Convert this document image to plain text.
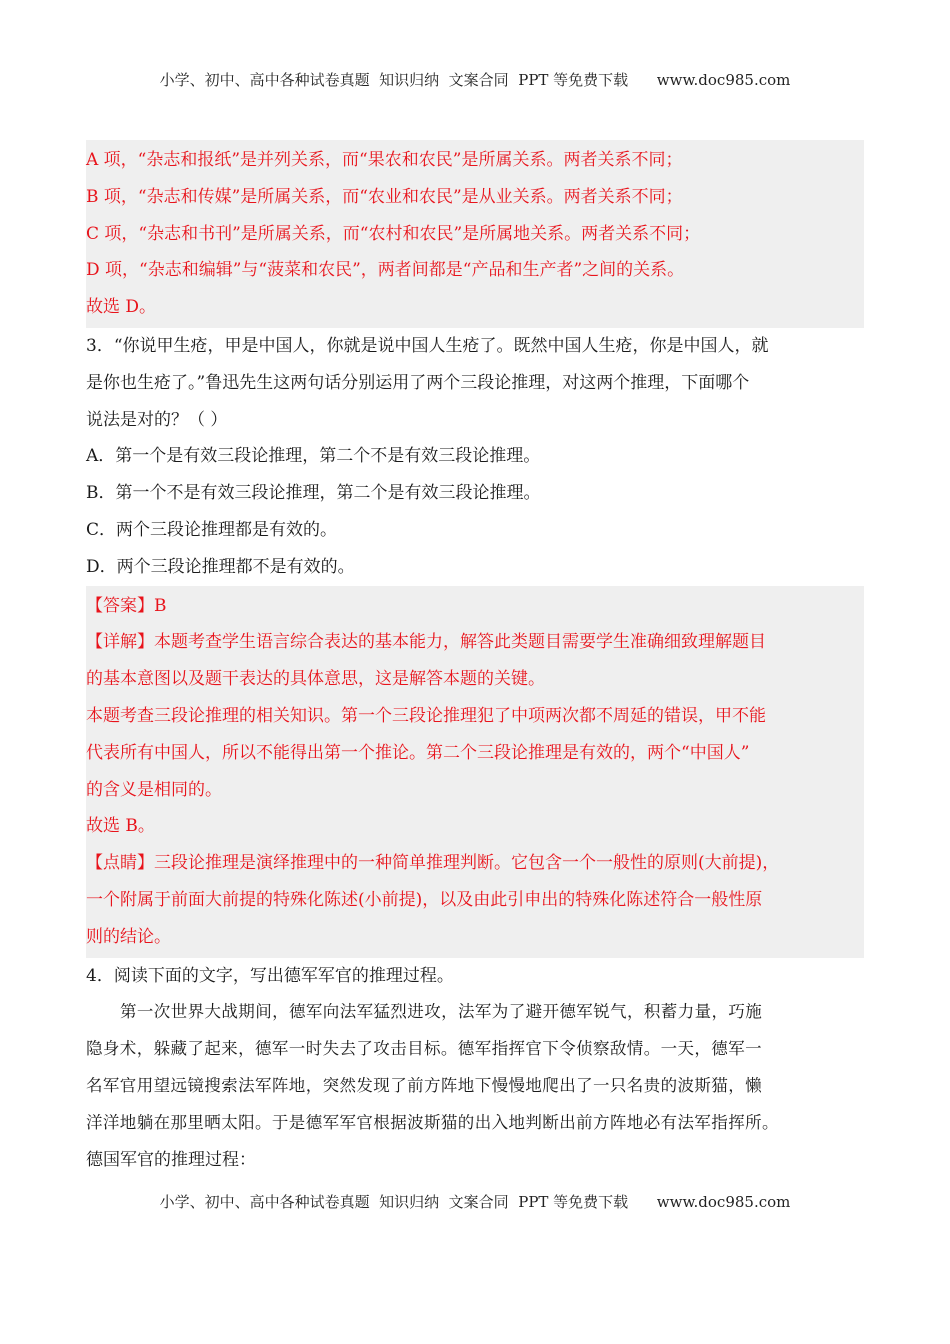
小学、初中、高中各种试卷真题  知识归纳  文案合同  PPT 等免费下载      www.doc985.com
A 项，“杂志和报纸”是并列关系，而“果农和农民”是所属关系。两者关系不同；
B 项，“杂志和传媒”是所属关系，而“农业和农民”是从业关系。两者关系不同；
C 项，“杂志和书刊”是所属关系，而“农村和农民”是所属地关系。两者关系不同；
D 项，“杂志和编辑”与“菠菜和农民”，两者间都是“产品和生产者”之间的关系。
故选 D。
3．“你说甲生疮，甲是中国人，你就是说中国人生疮了。既然中国人生疮，你是中国人，就
是你也生疮了。”鲁迅先生这两句话分别运用了两个三段论推理，对这两个推理，下面哪个
说法是对的？（ ）
A．第一个是有效三段论推理，第二个不是有效三段论推理。
B．第一个不是有效三段论推理，第二个是有效三段论推理。
C．两个三段论推理都是有效的。
D．两个三段论推理都不是有效的。
【答案】B
【详解】本题考查学生语言综合表达的基本能力，解答此类题目需要学生准确细致理解题目
的基本意图以及题干表达的具体意思，这是解答本题的关键。
本题考查三段论推理的相关知识。第一个三段论推理犯了中项两次都不周延的错误，甲不能
代表所有中国人，所以不能得出第一个推论。第二个三段论推理是有效的，两个“中国人”
的含义是相同的。
故选 B。
【点睛】三段论推理是演绎推理中的一种简单推理判断。它包含一个一般性的原则(大前提)，
一个附属于前面大前提的特殊化陈述(小前提)，以及由此引申出的特殊化陈述符合一般性原
则的结论。
4．阅读下面的文字，写出德军军官的推理过程。
第一次世界大战期间，德军向法军猛烈进攻，法军为了避开德军锐气，积蓄力量，巧施
隐身术，躲藏了起来，德军一时失去了攻击目标。德军指挥官下令侦察敌情。一天，德军一
名军官用望远镜搜索法军阵地，突然发现了前方阵地下慢慢地爬出了一只名贵的波斯猫，懒
洋洋地躺在那里晒太阳。于是德军军官根据波斯猫的出入地判断出前方阵地必有法军指挥所。
德国军官的推理过程：
小学、初中、高中各种试卷真题  知识归纳  文案合同  PPT 等免费下载      www.doc985.com
